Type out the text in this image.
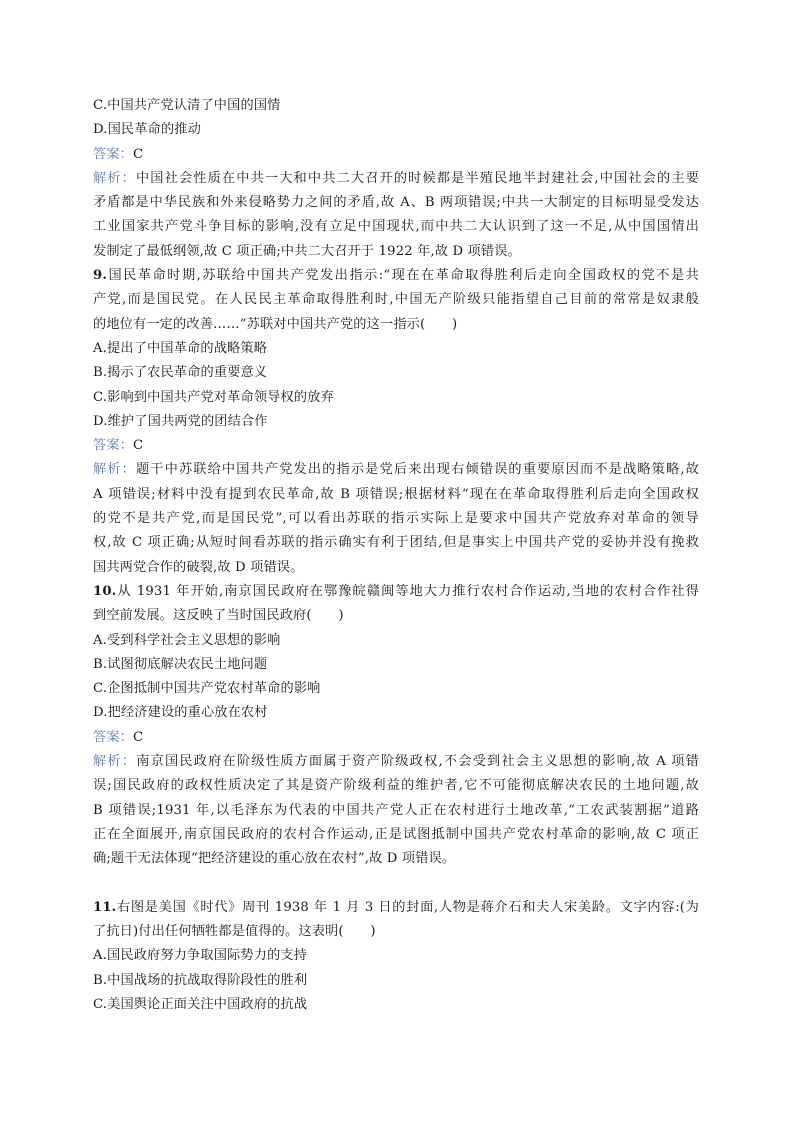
C.中国共产党认清了中国的国情
D.国民革命的推动
答案：C
解析：中国社会性质在中共一大和中共二大召开的时候都是半殖民地半封建社会,中国社会的主要
矛盾都是中华民族和外来侵略势力之间的矛盾,故 A、B 两项错误;中共一大制定的目标明显受发达
工业国家共产党斗争目标的影响,没有立足中国现状,而中共二大认识到了这一不足,从中国国情出
发制定了最低纲领,故 C 项正确;中共二大召开于 1922 年,故 D 项错误。
9.国民革命时期,苏联给中国共产党发出指示:“现在在革命取得胜利后走向全国政权的党不是共
产党,而是国民党。在人民民主革命取得胜利时,中国无产阶级只能指望自己目前的常常是奴隶般
的地位有一定的改善……”苏联对中国共产党的这一指示(　　)
A.提出了中国革命的战略策略
B.揭示了农民革命的重要意义
C.影响到中国共产党对革命领导权的放弃
D.维护了国共两党的团结合作
答案：C
解析：题干中苏联给中国共产党发出的指示是党后来出现右倾错误的重要原因而不是战略策略,故
A 项错误;材料中没有提到农民革命,故 B 项错误;根据材料“现在在革命取得胜利后走向全国政权
的党不是共产党,而是国民党”,可以看出苏联的指示实际上是要求中国共产党放弃对革命的领导
权,故 C 项正确;从短时间看苏联的指示确实有利于团结,但是事实上中国共产党的妥协并没有挽救
国共两党合作的破裂,故 D 项错误。
10.从 1931 年开始,南京国民政府在鄂豫皖赣闽等地大力推行农村合作运动,当地的农村合作社得
到空前发展。这反映了当时国民政府(　　)
A.受到科学社会主义思想的影响
B.试图彻底解决农民土地问题
C.企图抵制中国共产党农村革命的影响
D.把经济建设的重心放在农村
答案：C
解析：南京国民政府在阶级性质方面属于资产阶级政权,不会受到社会主义思想的影响,故 A 项错
误;国民政府的政权性质决定了其是资产阶级利益的维护者,它不可能彻底解决农民的土地问题,故
B 项错误;1931 年,以毛泽东为代表的中国共产党人正在农村进行土地改革,“工农武装割据”道路
正在全面展开,南京国民政府的农村合作运动,正是试图抵制中国共产党农村革命的影响,故 C 项正
确;题干无法体现“把经济建设的重心放在农村”,故 D 项错误。
11.右图是美国《时代》周刊 1938 年 1 月 3 日的封面,人物是蒋介石和夫人宋美龄。文字内容:(为
了抗日)付出任何牺牲都是值得的。这表明(　　)
A.国民政府努力争取国际势力的支持
B.中国战场的抗战取得阶段性的胜利
C.美国舆论正面关注中国政府的抗战
